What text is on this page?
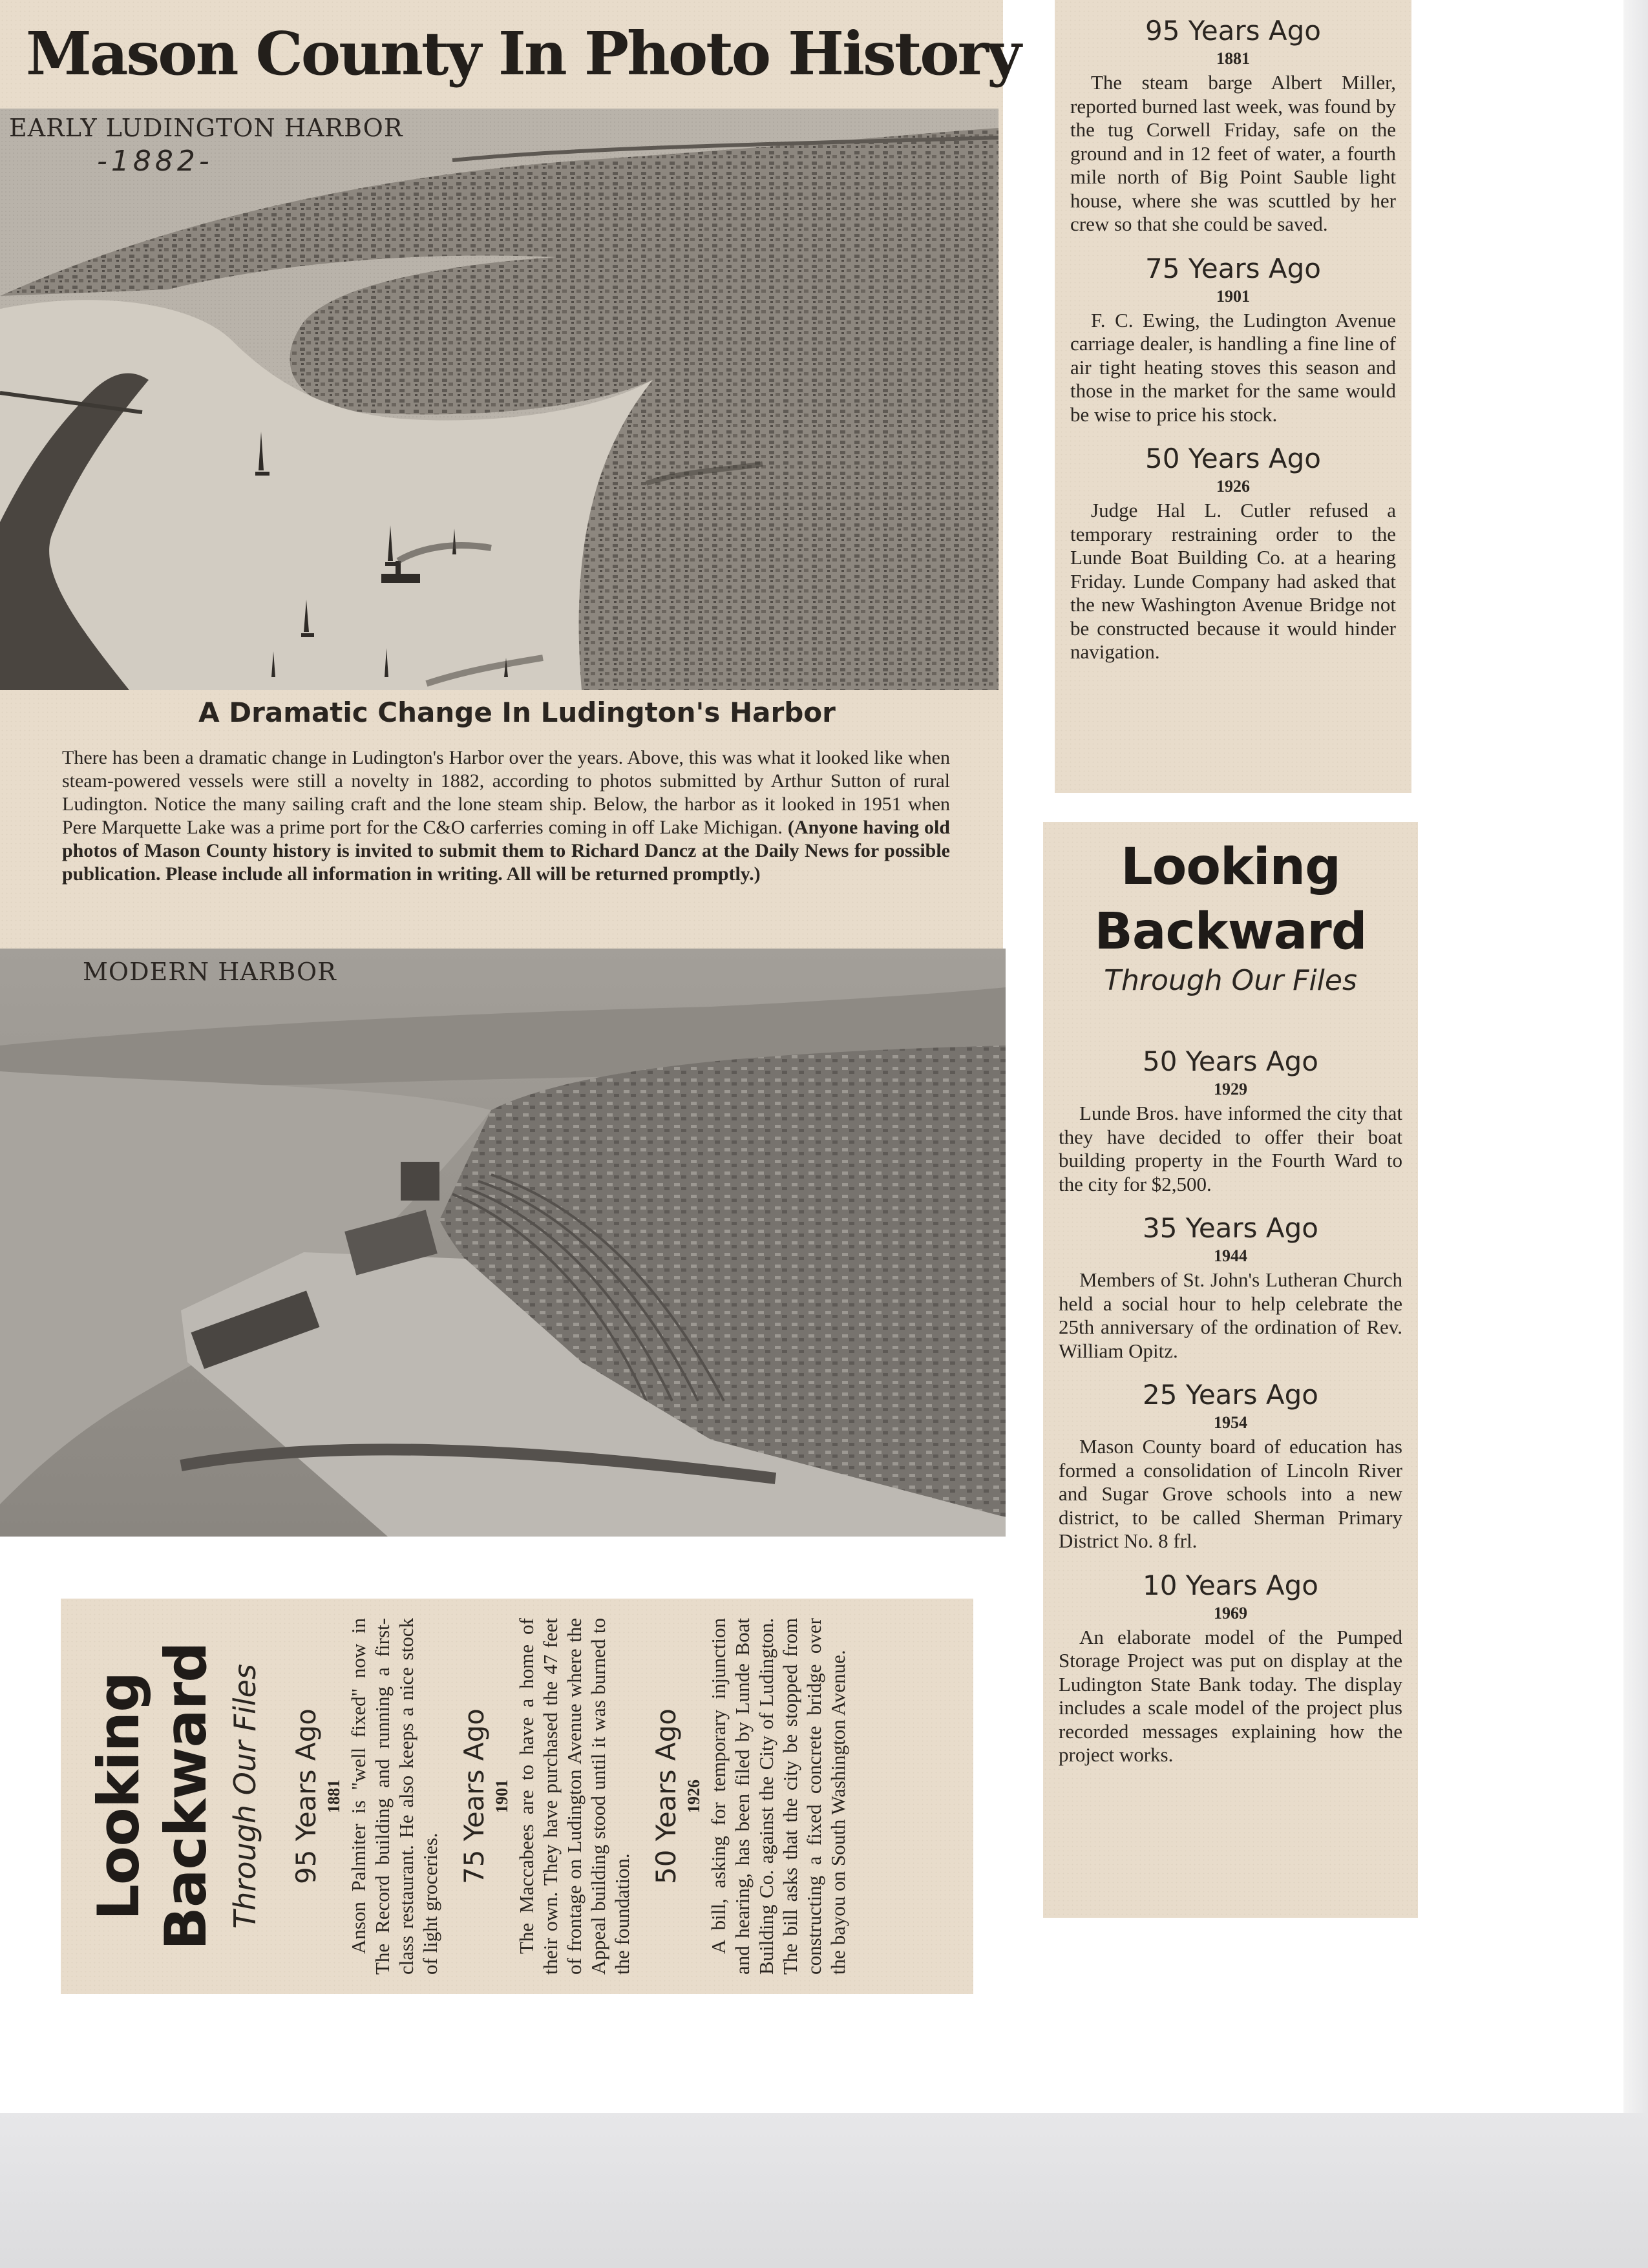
Mason County In Photo History
EARLY LUDINGTON HARBOR
-1882-
A Dramatic Change In Ludington's Harbor
There has been a dramatic change in Ludington's Harbor over the years. Above, this was what it looked like when steam-powered vessels were still a novelty in 1882, according to photos submitted by Arthur Sutton of rural Ludington. Notice the many sailing craft and the lone steam ship. Below, the harbor as it looked in 1951 when Pere Marquette Lake was a prime port for the C&O carferries coming in off Lake Michigan. (Anyone having old photos of Mason County history is invited to submit them to Richard Dancz at the Daily News for possible publication. Please include all information in writing. All will be returned promptly.)
MODERN HARBOR

95 Years Ago

1881

The steam barge Albert Miller, reported burned last week, was found by the tug Corwell Friday, safe on the ground and in 12 feet of water, a fourth mile north of Big Point Sauble light house, where she was scuttled by her crew so that she could be saved.

75 Years Ago

1901

F. C. Ewing, the Ludington Avenue carriage dealer, is handling a fine line of air tight heating stoves this season and those in the market for the same would be wise to price his stock.

50 Years Ago

1926

Judge Hal L. Cutler refused a temporary restraining order to the Lunde Boat Building Co. at a hearing Friday. Lunde Company had asked that the new Washington Avenue Bridge not be constructed because it would hinder navigation.

Looking
Backward
Through Our Files

50 Years Ago

1929

Lunde Bros. have informed the city that they have decided to offer their boat building property in the Fourth Ward to the city for $2,500.

35 Years Ago

1944

Members of St. John's Lutheran Church held a social hour to help celebrate the 25th anniversary of the ordination of Rev. William Opitz.

25 Years Ago

1954

Mason County board of education has formed a consolidation of Lincoln River and Sugar Grove schools into a new district, to be called Sherman Primary District No. 8 frl.

10 Years Ago

1969

An elaborate model of the Pumped Storage Project was put on display at the Ludington State Bank today. The display includes a scale model of the project plus recorded messages explaining how the project works.

Looking Backward Through Our Files 95 Years Ago 1881 Anson Palmiter is "well fixed" now in The Record building and running a first-class restaurant. He also keeps a nice stock of light groceries.

75 Years Ago 1901 The Maccabees are to have a home of their own. They have purchased the 47 feet of frontage on Ludington Avenue where the Appeal building stood until it was burned to the foundation.

50 Years Ago 1926 A bill, asking for temporary injunction and hearing, has been filed by Lunde Boat Building Co. against the City of Ludington. The bill asks that the city be stopped from constructing a fixed concrete bridge over the bayou on South Washington Avenue.
